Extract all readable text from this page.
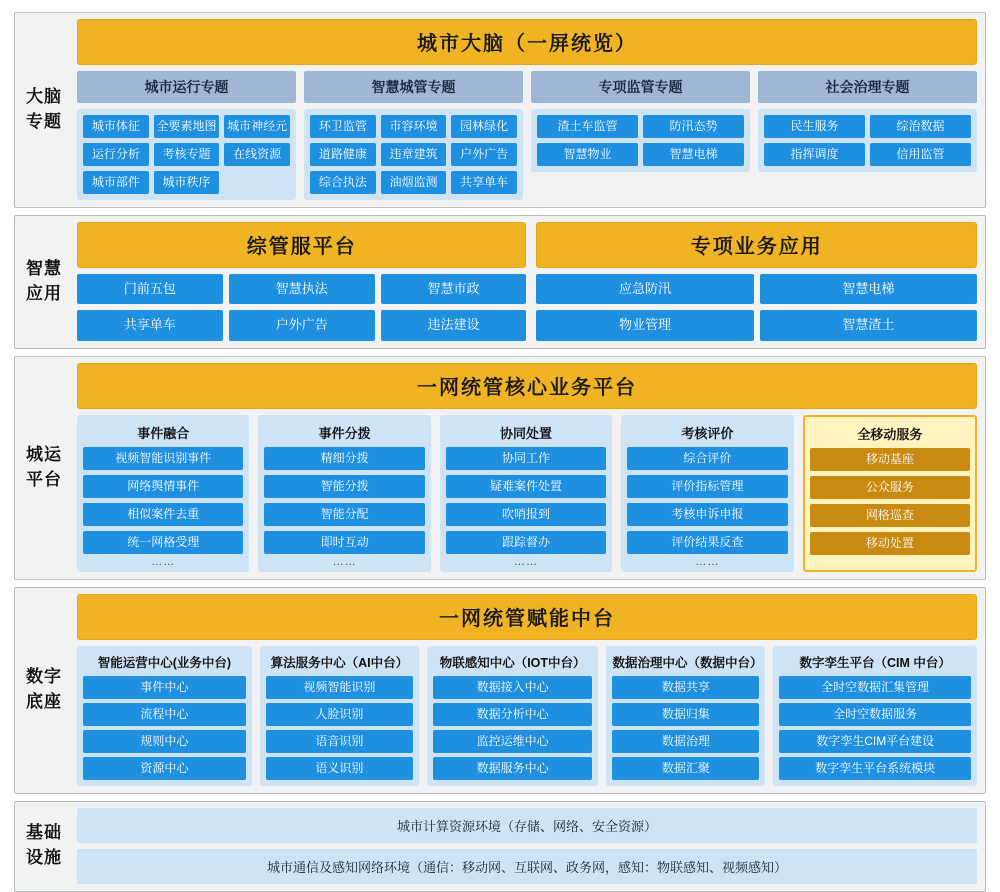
大脑
专题
城市大脑（一屏统览）
城市运行专题
城市体征	全要素地图 城市神经元
运行分析	考核专题	在线资源
城市部件	城市秩序
智慧城管专题
环卫监管	市容环境	园林绿化
道路健康	违章建筑	户外广告
综合执法	油烟监测	共享单车
专项监管专题
渣土车监管	防汛态势
智慧物业	智慧电梯
社会治理专题
民生服务	综治数据
指挥调度	信用监管
智慧
应用
综管服平台
门前五包	智慧执法	智慧市政
共享单车	户外广告	违法建设
专项业务应用
应急防汛	智慧电梯
物业管理	智慧渣土
城运
平台
一网统管核心业务平台
事件融合
视频智能识别事件
网络舆情事件
相似案件去重
统一网格受理
……
事件分拨
精细分拨
智能分拨
智能分配
即时互动
……
协同处置
协同工作
疑难案件处置
吹哨报到
跟踪督办
……
考核评价
综合评价
评价指标管理
考核申诉申报
评价结果反查
……
全移动服务
移动基座
公众服务
网格巡查
移动处置
数字
底座
一网统管赋能中台
智能运营中心(业务中台)
事件中心
流程中心
规则中心
资源中心
算法服务中心（AI中台）
视频智能识别
人脸识别
语音识别
语义识别
物联感知中心（IOT中台）
数据接入中心
数据分析中心
监控运维中心
数据服务中心
数据治理中心（数据中台）
数据共享
数据归集
数据治理
数据汇聚
数字孪生平台（CIM 中台）
全时空数据汇集管理
全时空数据服务
数字孪生CIM平台建设
数字孪生平台系统模块
基础
设施
城市计算资源环境（存储、网络、安全资源）
城市通信及感知网络环境（通信：移动网、互联网、政务网，感知：物联感知、视频感知）
